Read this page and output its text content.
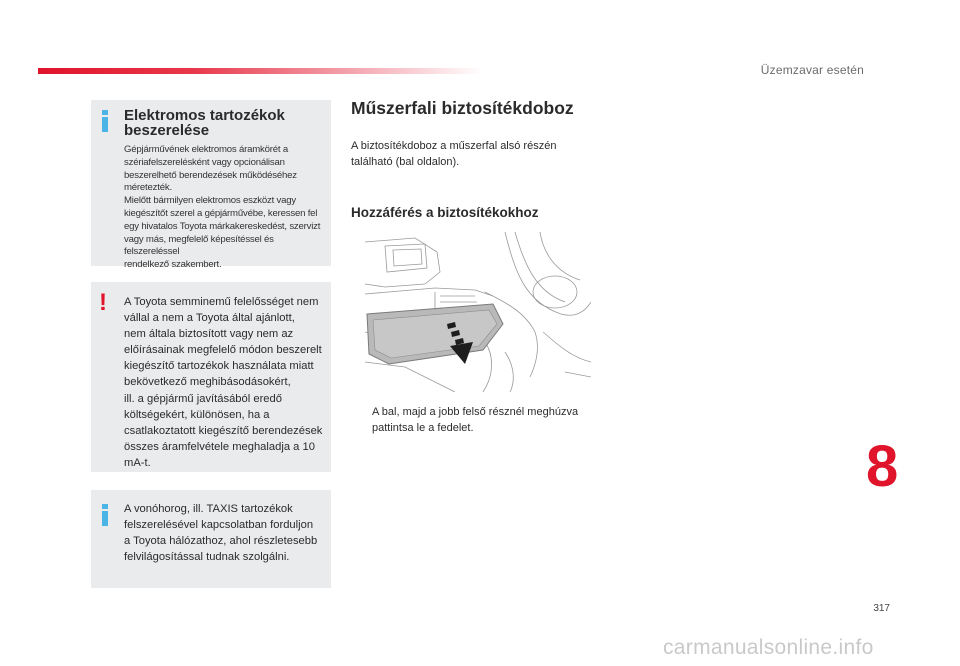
Üzemzavar esetén
Elektromos tartozékok beszerelése
Gépjárművének elektromos áramkörét a
szériafelszerelésként vagy opcionálisan
beszerelhető berendezések működéséhez
méretezték.
Mielőtt bármilyen elektromos eszközt vagy
kiegészítőt szerel a gépjárművébe, keressen fel
egy hivatalos Toyota márkakereskedést, szervizt
vagy más, megfelelő képesítéssel és felszereléssel
rendelkező szakembert.
! A Toyota semminemű felelősséget nem
vállal a nem a Toyota által ajánlott,
nem általa biztosított vagy nem az
előírásainak megfelelő módon beszerelt
kiegészítő tartozékok használata miatt
bekövetkező meghibásodásokért,
ill. a gépjármű javításából eredő
költségekért, különösen, ha a
csatlakoztatott kiegészítő berendezések
összes áramfelvétele meghaladja a 10
mA-t.
A vonóhorog, ill. TAXIS tartozékok
felszerelésével kapcsolatban forduljon
a Toyota hálózathoz, ahol részletesebb
felvilágosítással tudnak szolgálni.
Műszerfali biztosítékdoboz
A biztosítékdoboz a műszerfal alsó részén
található (bal oldalon).
Hozzáférés a biztosítékokhoz
A bal, majd a jobb felső résznél meghúzva
pattintsa le a fedelet.
8
317
carmanualsonline.info
